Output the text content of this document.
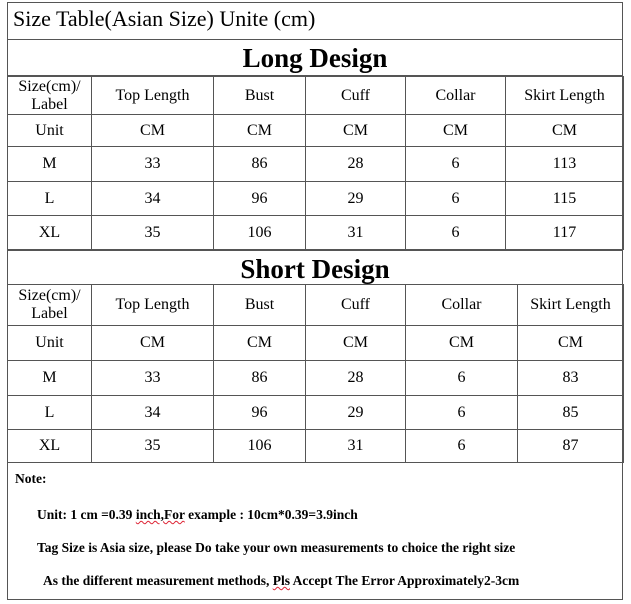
Size Table(Asian Size) Unite (cm)
Long Design
Size(cm)/
Label	Top Length	Bust	Cuff	Collar	Skirt Length
Unit	CM	CM	CM	CM	CM
M	33	86	28	6	113
L	34	96	29	6	115
XL	35	106	31	6	117
Short Design
Size(cm)/
Label	Top Length	Bust	Cuff	Collar	Skirt Length
Unit	CM	CM	CM	CM	CM
M	33	86	28	6	83
L	34	96	29	6	85
XL	35	106	31	6	87
Note:
Unit: 1 cm =0.39 inch,For example : 10cm*0.39=3.9inch
Tag Size is Asia size, please Do take your own measurements to choice the right size
As the different measurement methods, Pls Accept The Error Approximately2-3cm
